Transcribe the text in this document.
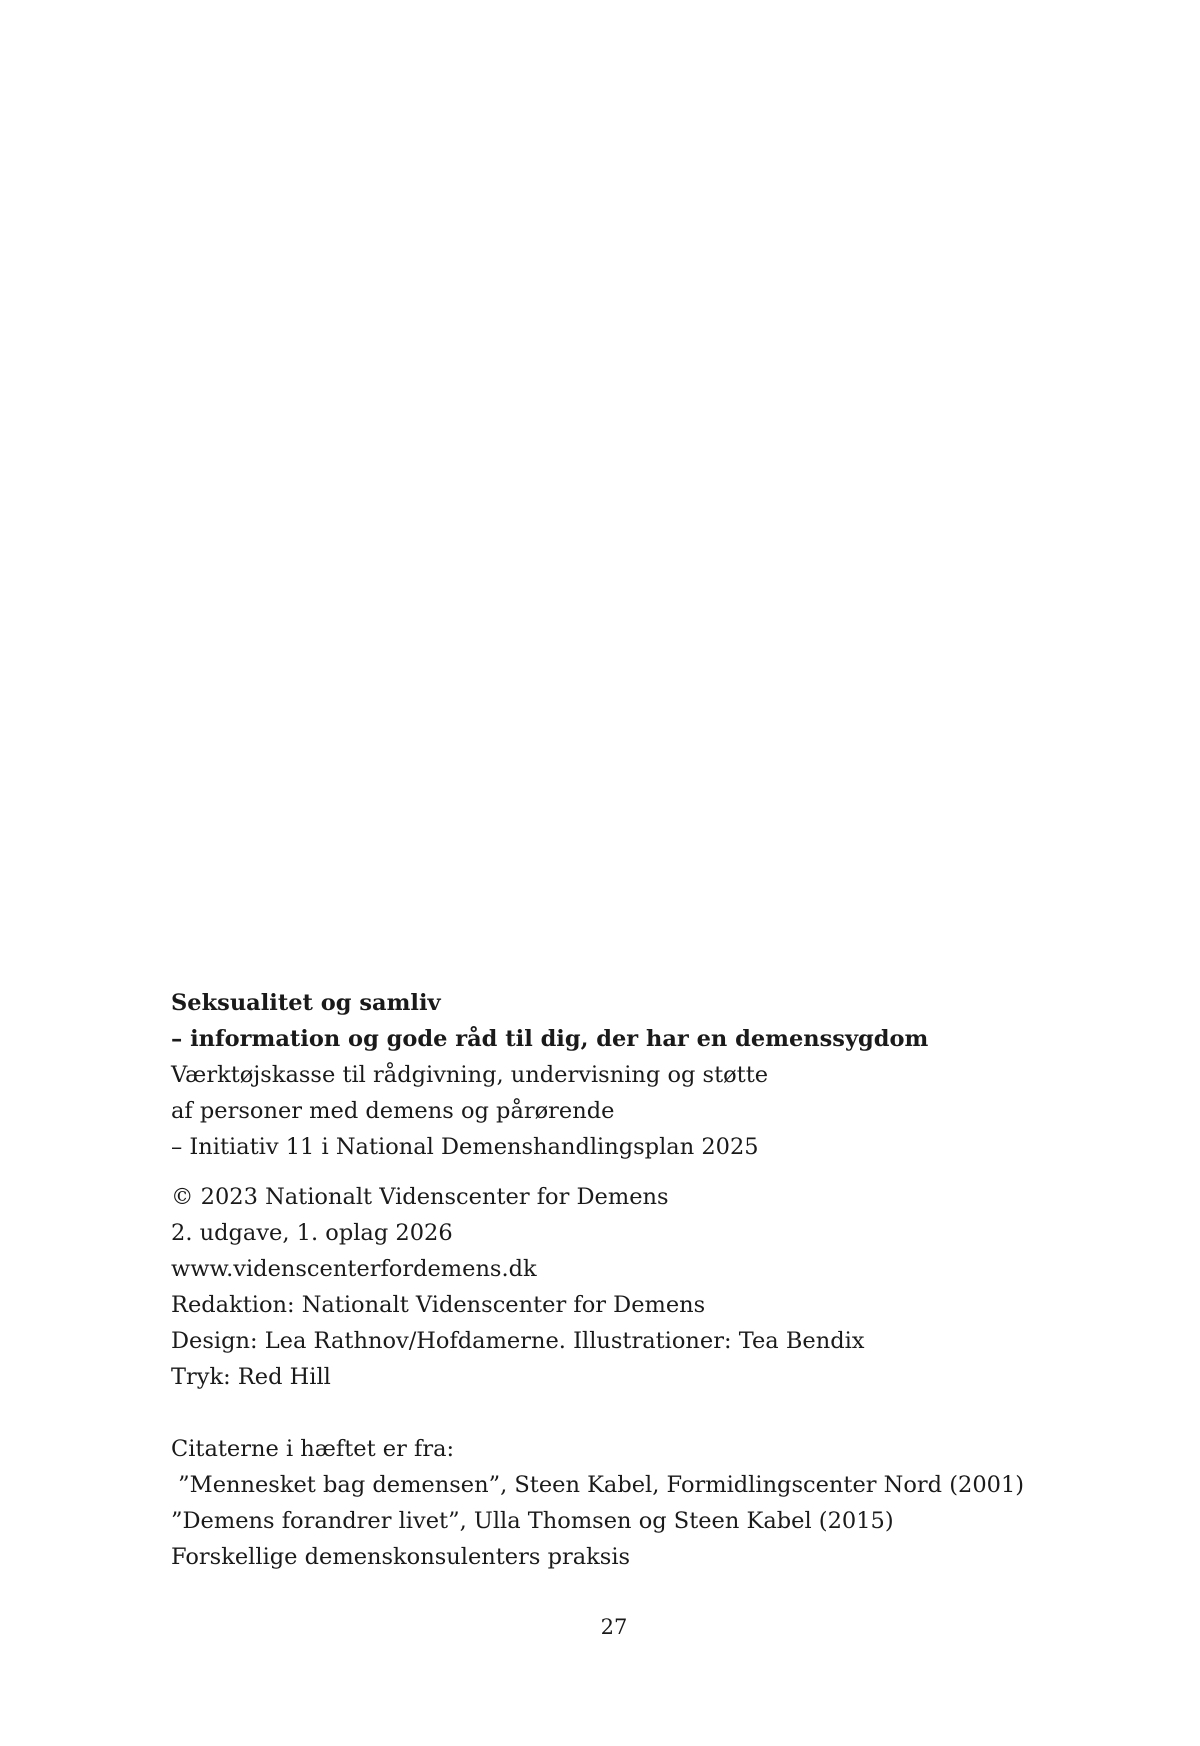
Seksualitet og samliv
– information og gode råd til dig, der har en demenssygdom
Værktøjskasse til rådgivning, undervisning og støtte
af personer med demens og pårørende
– Initiativ 11 i National Demenshandlingsplan 2025
© 2023 Nationalt Videnscenter for Demens
2. udgave, 1. oplag 2026
www.videnscenterfordemens.dk
Redaktion: Nationalt Videnscenter for Demens
Design: Lea Rathnov/Hofdamerne. Illustrationer: Tea Bendix
Tryk: Red Hill
Citaterne i hæftet er fra:
”Mennesket bag demensen”, Steen Kabel, Formidlingscenter Nord (2001)
”Demens forandrer livet”, Ulla Thomsen og Steen Kabel (2015)
Forskellige demenskonsulenters praksis
27
